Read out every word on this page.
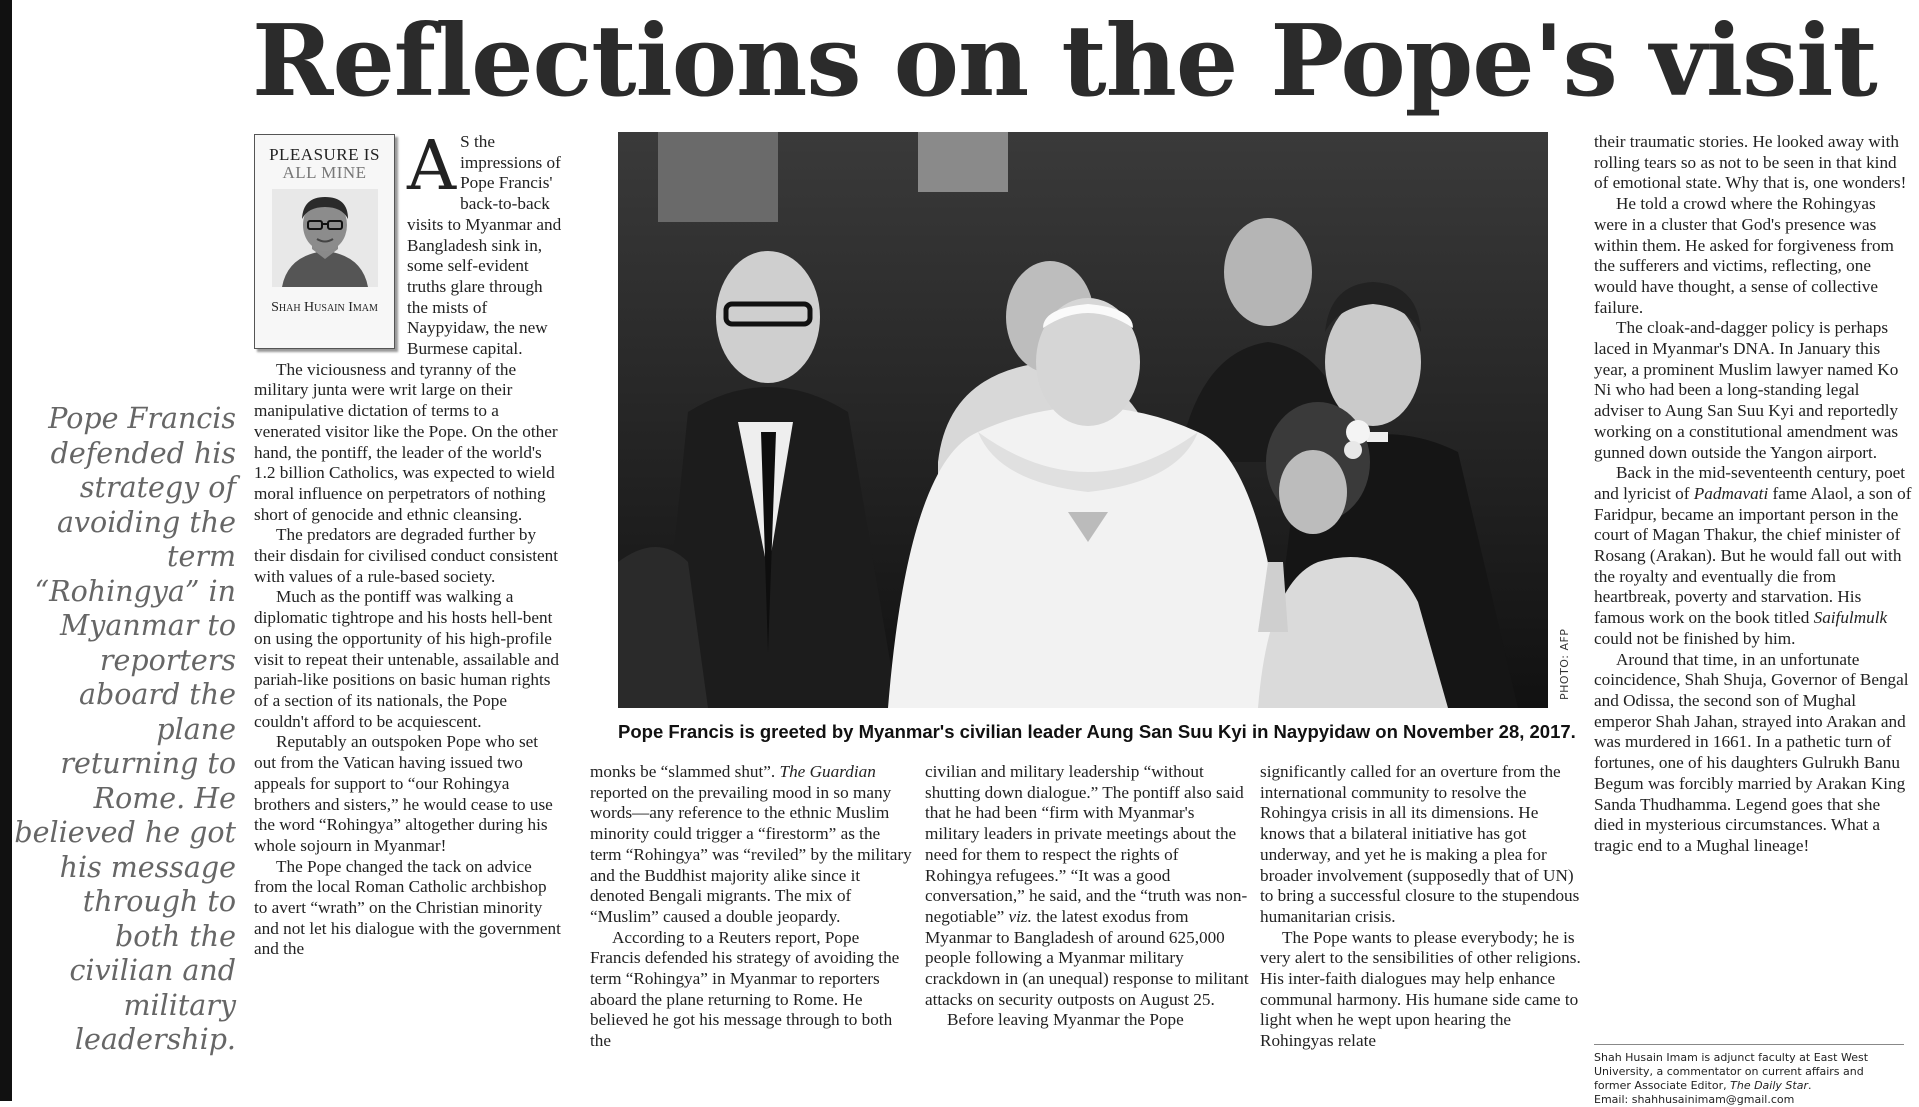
Reflections on the Pope's visit
Pope Francis defended his strategy of avoiding the term “Rohingya” in Myanmar to reporters aboard the plane returning to Rome. He believed he got his message through to both the civilian and military leadership.
PLEASURE IS
ALL MINE
Shah Husain Imam

A S the impressions of Pope Francis' back-to-back visits to Myanmar and Bangladesh sink in, some self-evident truths glare through the mists of Naypyidaw, the new Burmese capital.

The viciousness and tyranny of the military junta were writ large on their manipulative dictation of terms to a venerated visitor like the Pope. On the other hand, the pontiff, the leader of the world's 1.2 billion Catholics, was expected to wield moral influence on perpetrators of nothing short of genocide and ethnic cleansing.

The predators are degraded further by their disdain for civilised conduct consistent with values of a rule-based society.

Much as the pontiff was walking a diplomatic tightrope and his hosts hell-bent on using the opportunity of his high-profile visit to repeat their untenable, assailable and pariah-like positions on basic human rights of a section of its nationals, the Pope couldn't afford to be acquiescent.

Reputably an outspoken Pope who set out from the Vatican having issued two appeals for support to “our Rohingya brothers and sisters,” he would cease to use the word “Rohingya” altogether during his whole sojourn in Myanmar!

The Pope changed the tack on advice from the local Roman Catholic archbishop to avert “wrath” on the Christian minority and not let his dialogue with the government and the

PHOTO: AFP

Pope Francis is greeted by Myanmar's civilian leader Aung San Suu Kyi in Naypyidaw on November 28, 2017.

monks be “slammed shut”. The Guardian reported on the prevailing mood in so many words—any reference to the ethnic Muslim minority could trigger a “firestorm” as the term “Rohingya” was “reviled” by the military and the Buddhist majority alike since it denoted Bengali migrants. The mix of “Muslim” caused a double jeopardy.

According to a Reuters report, Pope Francis defended his strategy of avoiding the term “Rohingya” in Myanmar to reporters aboard the plane returning to Rome. He believed he got his message through to both the

civilian and military leadership “without shutting down dialogue.” The pontiff also said that he had been “firm with Myanmar's military leaders in private meetings about the need for them to respect the rights of Rohingya refugees.” “It was a good conversation,” he said, and the “truth was non-negotiable” viz. the latest exodus from Myanmar to Bangladesh of around 625,000 people following a Myanmar military crackdown in (an unequal) response to militant attacks on security outposts on August 25.

Before leaving Myanmar the Pope

significantly called for an overture from the international community to resolve the Rohingya crisis in all its dimensions. He knows that a bilateral initiative has got underway, and yet he is making a plea for broader involvement (supposedly that of UN) to bring a successful closure to the stupendous humanitarian crisis.

The Pope wants to please everybody; he is very alert to the sensibilities of other religions. His inter-faith dialogues may help enhance communal harmony. His humane side came to light when he wept upon hearing the Rohingyas relate

their traumatic stories. He looked away with rolling tears so as not to be seen in that kind of emotional state. Why that is, one wonders!

He told a crowd where the Rohingyas were in a cluster that God's presence was within them. He asked for forgiveness from the sufferers and victims, reflecting, one would have thought, a sense of collective failure.

The cloak-and-dagger policy is perhaps laced in Myanmar's DNA. In January this year, a prominent Muslim lawyer named Ko Ni who had been a long-standing legal adviser to Aung San Suu Kyi and reportedly working on a constitutional amendment was gunned down outside the Yangon airport.

Back in the mid-seventeenth century, poet and lyricist of Padmavati fame Alaol, a son of Faridpur, became an important person in the court of Magan Thakur, the chief minister of Rosang (Arakan). But he would fall out with the royalty and eventually die from heartbreak, poverty and starvation. His famous work on the book titled Saifulmulk could not be finished by him.

Around that time, in an unfortunate coincidence, Shah Shuja, Governor of Bengal and Odissa, the second son of Mughal emperor Shah Jahan, strayed into Arakan and was murdered in 1661. In a pathetic turn of fortunes, one of his daughters Gulrukh Banu Begum was forcibly married by Arakan King Sanda Thudhamma. Legend goes that she died in mysterious circumstances. What a tragic end to a Mughal lineage!

Shah Husain Imam is adjunct faculty at East West University, a commentator on current affairs and former Associate Editor, The Daily Star.

Email: shahhusainimam@gmail.com
